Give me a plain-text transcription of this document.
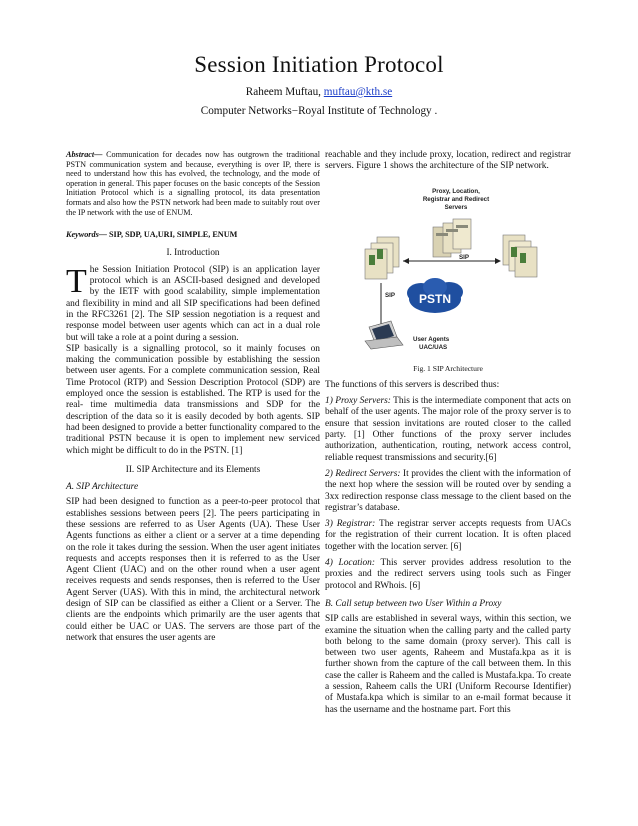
Session Initiation Protocol
Raheem Muftau, muftau@kth.se
Computer Networks−Royal Institute of Technology .

Abstract— Communication for decades now has outgrown the traditional PSTN communication system and because, everything is over IP, there is need to understand how this has evolved, the technology, and the mode of operation in general. This paper focuses on the basic concepts of the Session Initiation Protocol which is a signalling protocol, its data presentation formats and also how the PSTN network had been made to suitably rout over the IP network with the use of ENUM.

Keywords— SIP, SDP, UA,URI, SIMPLE, ENUM

I. Introduction

The Session Initiation Protocol (SIP) is an application layer protocol which is an ASCII-based designed and developed by the IETF with good scalability, simple implementation and flexibility in mind and all SIP specifications had been defined in the RFC3261 [2]. The SIP session negotiation is a request and response model between user agents which can act in a dual role but will take a role at a point during a session.

SIP basically is a signalling protocol, so it mainly focuses on making the communication possible by establishing the session between user agents. For a complete communication session, Real Time Protocol (RTP) and Session Description Protocol (SDP) are employed once the session is established. The RTP is used for the real- time multimedia data transmissions and SDP for the description of the data so it is easily decoded by both agents. SIP had been designed to provide a better functionality compared to the traditional PSTN because it is open to implement new serviced which might be difficult to do in the PSTN. [1]

II. SIP Architecture and its Elements
A. SIP Architecture

SIP had been designed to function as a peer-to-peer protocol that establishes sessions between peers [2]. The peers participating in these sessions are referred to as User Agents (UA). These User Agents functions as either a client or a server at a time depending on the role it takes during the session. When the user agent initiates requests and accepts responses then it is referred to as the User Agent Client (UAC) and on the other round when a user agent receives requests and sends responses, then is referred to the User Agent Server (UAS). With this in mind, the architectural network design of SIP can be classified as either a Client or a Server. The clients are the endpoints which primarily are the user agents that could either be UAC or UAS. The servers are those part of the network that ensures the user agents are

reachable and they include proxy, location, redirect and registrar servers. Figure 1 shows the architecture of the SIP network.

Proxy, Location,
Registrar and Redirect
Servers
SIP
SIP PSTN
User Agents
UAC/UAS
Fig. 1 SIP Architecture

The functions of this servers is described thus:

1) Proxy Servers: This is the intermediate component that acts on behalf of the user agents. The major role of the proxy server is to ensure that session invitations are routed closer to the called party. [1] Other functions of the proxy server includes authorization, authentication, routing, network access control, reliable request transmissions and security.[6]

2) Redirect Servers: It provides the client with the information of the next hop where the session will be routed over by sending a 3xx redirection response class message to the client based on the registrar’s database.

3) Registrar: The registrar server accepts requests from UACs for the registration of their current location. It is often placed together with the location server. [6]

4) Location: This server provides address resolution to the proxies and the redirect servers using tools such as Finger protocol and RWhois. [6]

B. Call setup between two User Within a Proxy

SIP calls are established in several ways, within this section, we examine the situation when the calling party and the called party both belong to the same domain (proxy server). This call is between two user agents, Raheem and Mustafa.kpa as it is further shown from the capture of the call between them. In this case the caller is Raheem and the called is Mustafa.kpa. To create a session, Raheem calls the URI (Uniform Recourse Identifier) of Mustafa.kpa which is similar to an e-mail format because it has the username and the hostname part. Fort this
